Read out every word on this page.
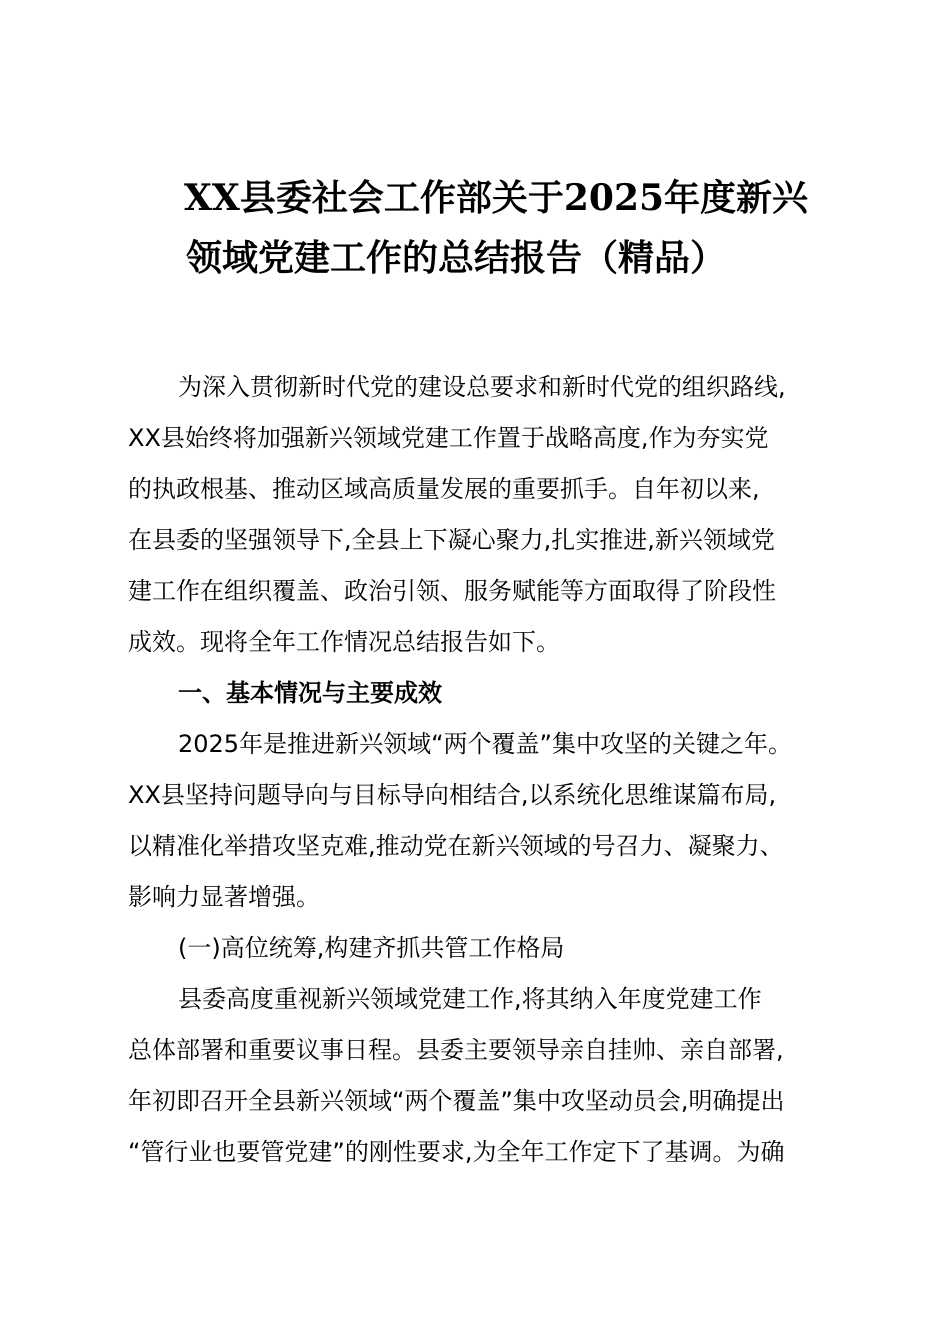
XX县委社会工作部关于2025年度新兴
领域党建工作的总结报告（精品）
为深入贯彻新时代党的建设总要求和新时代党的组织路线,
XX县始终将加强新兴领域党建工作置于战略高度,作为夯实党
的执政根基、推动区域高质量发展的重要抓手。自年初以来,
在县委的坚强领导下,全县上下凝心聚力,扎实推进,新兴领域党
建工作在组织覆盖、政治引领、服务赋能等方面取得了阶段性
成效。现将全年工作情况总结报告如下。
一、基本情况与主要成效
2025年是推进新兴领域“两个覆盖”集中攻坚的关键之年。
XX县坚持问题导向与目标导向相结合,以系统化思维谋篇布局,
以精准化举措攻坚克难,推动党在新兴领域的号召力、凝聚力、
影响力显著增强。
(一)高位统筹,构建齐抓共管工作格局
县委高度重视新兴领域党建工作,将其纳入年度党建工作
总体部署和重要议事日程。县委主要领导亲自挂帅、亲自部署,
年初即召开全县新兴领域“两个覆盖”集中攻坚动员会,明确提出
“管行业也要管党建”的刚性要求,为全年工作定下了基调。为确
